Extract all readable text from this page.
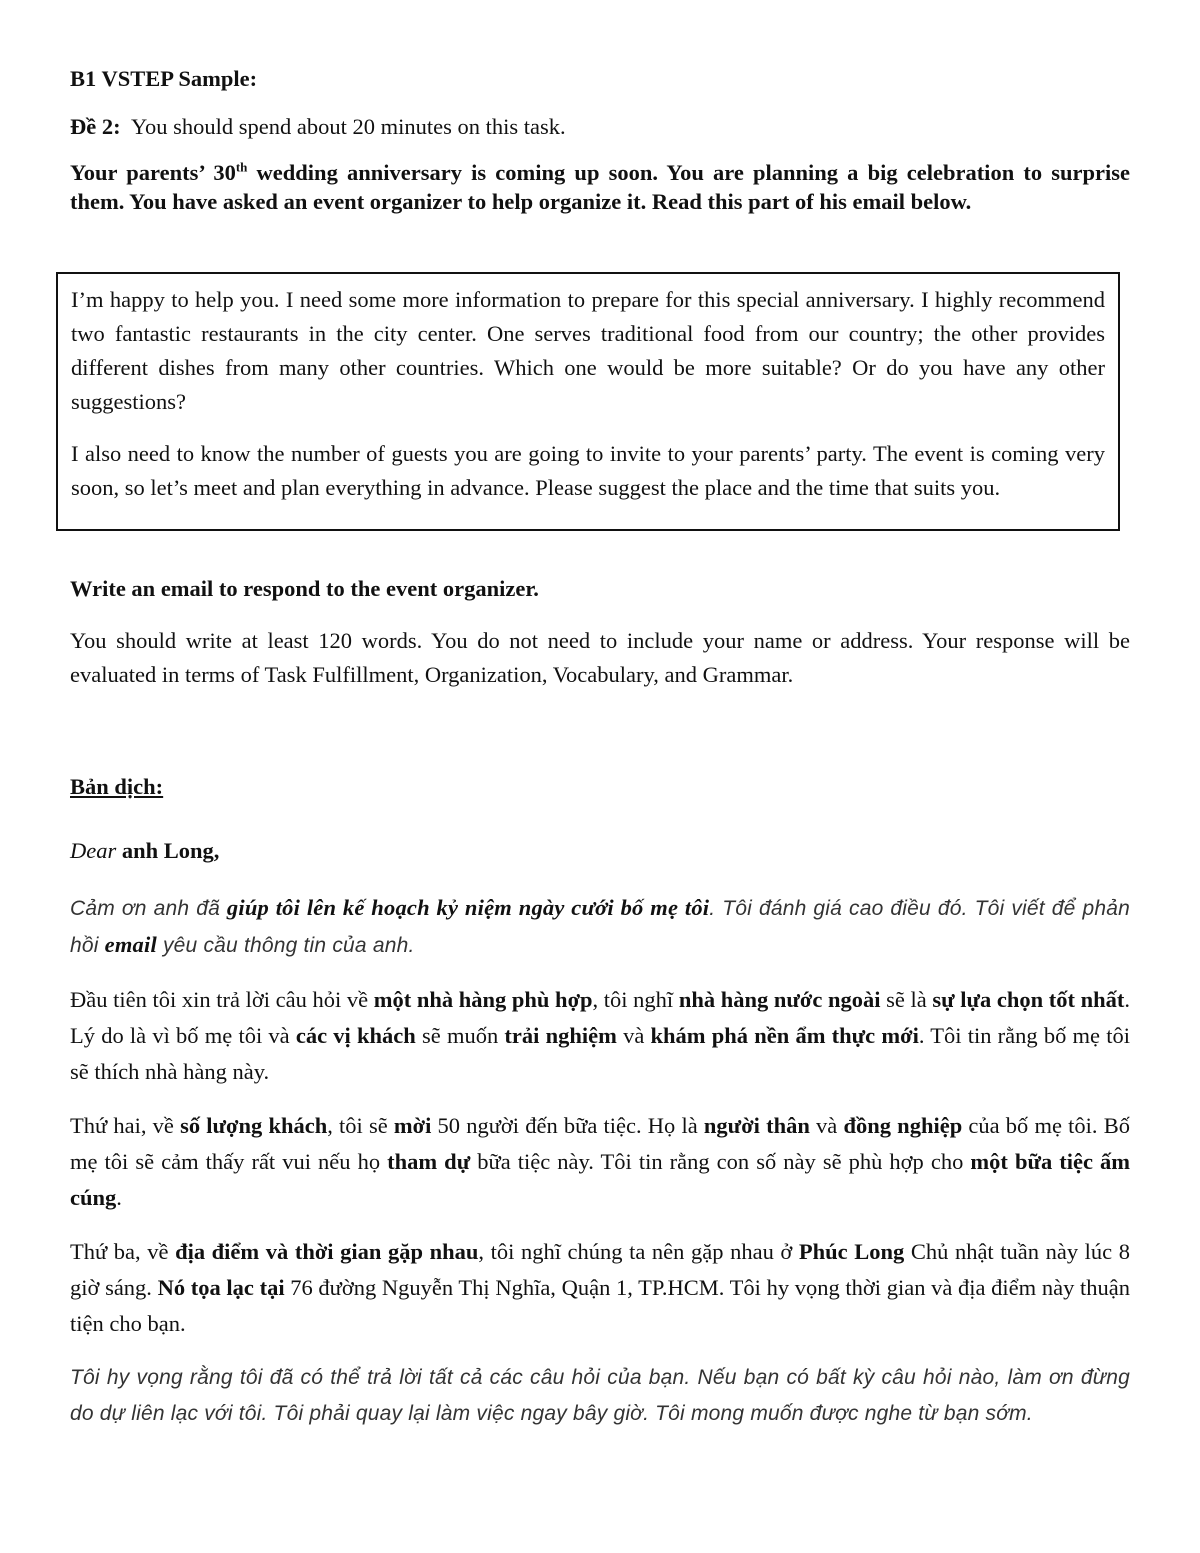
B1 VSTEP Sample:

Đề 2: You should spend about 20 minutes on this task.

Your parents’ 30th wedding anniversary is coming up soon. You are planning a big celebration to surprise them. You have asked an event organizer to help organize it. Read this part of his email below.

I’m happy to help you. I need some more information to prepare for this special anniversary. I highly recommend two fantastic restaurants in the city center. One serves traditional food from our country; the other provides different dishes from many other countries. Which one would be more suitable? Or do you have any other suggestions?

I also need to know the number of guests you are going to invite to your parents’ party. The event is coming very soon, so let’s meet and plan everything in advance. Please suggest the place and the time that suits you.

Write an email to respond to the event organizer.

You should write at least 120 words. You do not need to include your name or address. Your response will be evaluated in terms of Task Fulfillment, Organization, Vocabulary, and Grammar.

Bản dịch:

Dear anh Long,

Cảm ơn anh đã giúp tôi lên kế hoạch kỷ niệm ngày cưới bố mẹ tôi. Tôi đánh giá cao điều đó. Tôi viết để phản hồi email yêu cầu thông tin của anh.

Đầu tiên tôi xin trả lời câu hỏi về một nhà hàng phù hợp, tôi nghĩ nhà hàng nước ngoài sẽ là sự lựa chọn tốt nhất. Lý do là vì bố mẹ tôi và các vị khách sẽ muốn trải nghiệm và khám phá nền ẩm thực mới. Tôi tin rằng bố mẹ tôi sẽ thích nhà hàng này.

Thứ hai, về số lượng khách, tôi sẽ mời 50 người đến bữa tiệc. Họ là người thân và đồng nghiệp của bố mẹ tôi. Bố mẹ tôi sẽ cảm thấy rất vui nếu họ tham dự bữa tiệc này. Tôi tin rằng con số này sẽ phù hợp cho một bữa tiệc ấm cúng.

Thứ ba, về địa điểm và thời gian gặp nhau, tôi nghĩ chúng ta nên gặp nhau ở Phúc Long Chủ nhật tuần này lúc 8 giờ sáng. Nó tọa lạc tại 76 đường Nguyễn Thị Nghĩa, Quận 1, TP.HCM. Tôi hy vọng thời gian và địa điểm này thuận tiện cho bạn.

Tôi hy vọng rằng tôi đã có thể trả lời tất cả các câu hỏi của bạn. Nếu bạn có bất kỳ câu hỏi nào, làm ơn đừng do dự liên lạc với tôi. Tôi phải quay lại làm việc ngay bây giờ. Tôi mong muốn được nghe từ bạn sớm.
